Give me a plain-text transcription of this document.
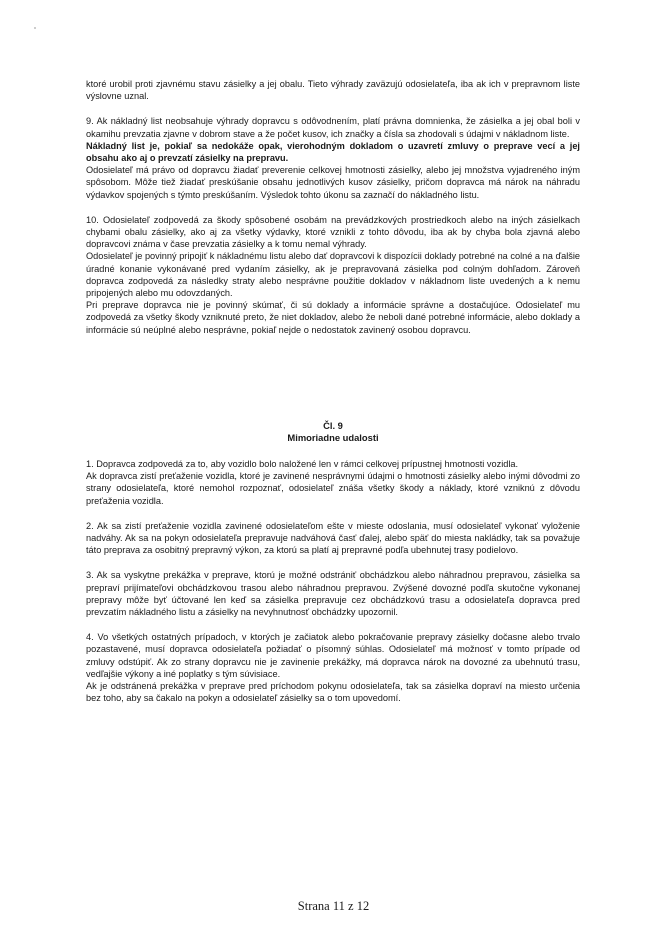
ktoré urobil proti zjavnému stavu zásielky a jej obalu. Tieto výhrady zaväzujú odosielateľa, iba ak ich v prepravnom liste výslovne uznal.

9. Ak nákladný list neobsahuje výhrady dopravcu s odôvodnením, platí právna domnienka, že zásielka a jej obal boli v okamihu prevzatia zjavne v dobrom stave a že počet kusov, ich značky a čísla sa zhodovali s údajmi v nákladnom liste.

Nákladný list je, pokiaľ sa nedokáže opak, vierohodným dokladom o uzavretí zmluvy o preprave vecí a jej obsahu ako aj o prevzatí zásielky na prepravu.

Odosielateľ má právo od dopravcu žiadať preverenie celkovej hmotnosti zásielky, alebo jej množstva vyjadreného iným spôsobom. Môže tiež žiadať preskúšanie obsahu jednotlivých kusov zásielky, pričom dopravca má nárok na náhradu výdavkov spojených s týmto preskúšaním. Výsledok tohto úkonu sa zaznačí do nákladného listu.

10. Odosielateľ zodpovedá za škody spôsobené osobám na prevádzkových prostriedkoch alebo na iných zásielkach chybami obalu zásielky, ako aj za všetky výdavky, ktoré vznikli z tohto dôvodu, iba ak by chyba bola zjavná alebo dopravcovi známa v čase prevzatia zásielky a k tomu nemal výhrady.

Odosielateľ je povinný pripojiť k nákladnému listu alebo dať dopravcovi k dispozícii doklady potrebné na colné a na ďalšie úradné konanie vykonávané pred vydaním zásielky, ak je prepravovaná zásielka pod colným dohľadom. Zároveň dopravca zodpovedá za následky straty alebo nesprávne použitie dokladov v nákladnom liste uvedených a k nemu pripojených alebo mu odovzdaných.

Pri preprave dopravca nie je povinný skúmať, či sú doklady a informácie správne a dostačujúce. Odosielateľ mu zodpovedá za všetky škody vzniknuté preto, že niet dokladov, alebo že neboli dané potrebné informácie, alebo doklady a informácie sú neúplné alebo nesprávne, pokiaľ nejde o nedostatok zavinený osobou dopravcu.

Čl. 9
Mimoriadne udalosti

1. Dopravca zodpovedá za to, aby vozidlo bolo naložené len v rámci celkovej prípustnej hmotnosti vozidla.

Ak dopravca zistí preťaženie vozidla, ktoré je zavinené nesprávnymi údajmi o hmotnosti zásielky alebo inými dôvodmi zo strany odosielateľa, ktoré nemohol rozpoznať, odosielateľ znáša všetky škody a náklady, ktoré vzniknú z dôvodu preťaženia vozidla.

2. Ak sa zistí preťaženie vozidla zavinené odosielateľom ešte v mieste odoslania, musí odosielateľ vykonať vyloženie nadváhy. Ak sa na pokyn odosielateľa prepravuje nadváhová časť ďalej, alebo späť do miesta nakládky, tak sa považuje táto preprava za osobitný prepravný výkon, za ktorú sa platí aj prepravné podľa ubehnutej trasy podielovo.

3. Ak sa vyskytne prekážka v preprave, ktorú je možné odstrániť obchádzkou alebo náhradnou prepravou, zásielka sa prepraví prijímateľovi obchádzkovou trasou alebo náhradnou prepravou. Zvýšené dovozné podľa skutočne vykonanej prepravy môže byť účtované len keď sa zásielka prepravuje cez obchádzkovú trasu a odosielateľa dopravca pred prevzatím nákladného listu a zásielky na nevyhnutnosť obchádzky upozornil.

4. Vo všetkých ostatných prípadoch, v ktorých je začiatok alebo pokračovanie prepravy zásielky dočasne alebo trvalo pozastavené, musí dopravca odosielateľa požiadať o písomný súhlas. Odosielateľ má možnosť v tomto prípade od zmluvy odstúpiť. Ak zo strany dopravcu nie je zavinenie prekážky, má dopravca nárok na dovozné za ubehnutú trasu, vedľajšie výkony a iné poplatky s tým súvisiace.

Ak je odstránená prekážka v preprave pred príchodom pokynu odosielateľa, tak sa zásielka dopraví na miesto určenia bez toho, aby sa čakalo na pokyn a odosielateľ zásielky sa o tom upovedomí.

Strana 11 z 12
